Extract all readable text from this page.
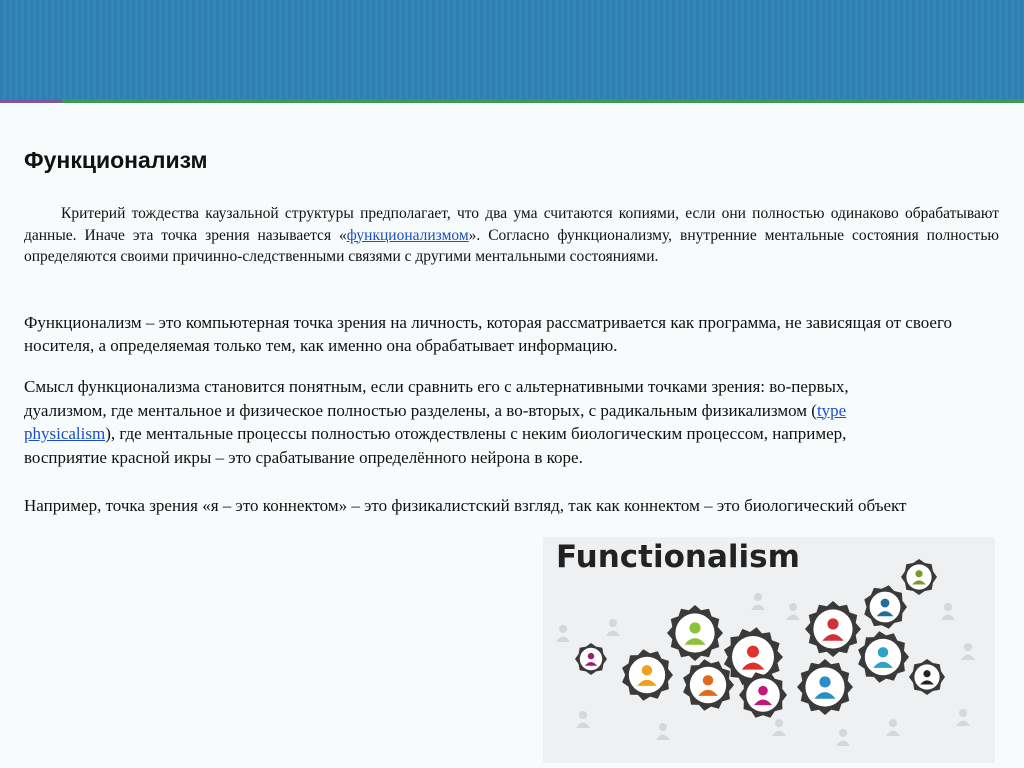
Функционализм

Критерий тождества каузальной структуры предполагает, что два ума считаются копиями, если они полностью одинаково обрабатывают данные. Иначе эта точка зрения называется «функционализмом». Согласно функционализму, внутренние ментальные состояния полностью определяются своими причинно-следственными связями с другими ментальными состояниями.

Функционализм – это компьютерная точка зрения на личность, которая рассматривается как программа, не зависящая от своего носителя, а определяемая только тем, как именно она обрабатывает информацию.

Смысл функционализма становится понятным, если сравнить его с альтернативными точками зрения: во-первых, дуализмом, где ментальное и физическое полностью разделены, а во-вторых, с радикальным физикализмом (type physicalism), где ментальные процессы полностью отождествлены с неким биологическим процессом, например, восприятие красной икры – это срабатывание определённого нейрона в коре.

Например, точка зрения «я – это коннектом» – это физикалистский взгляд, так как коннектом – это биологический объект

Functionalism
